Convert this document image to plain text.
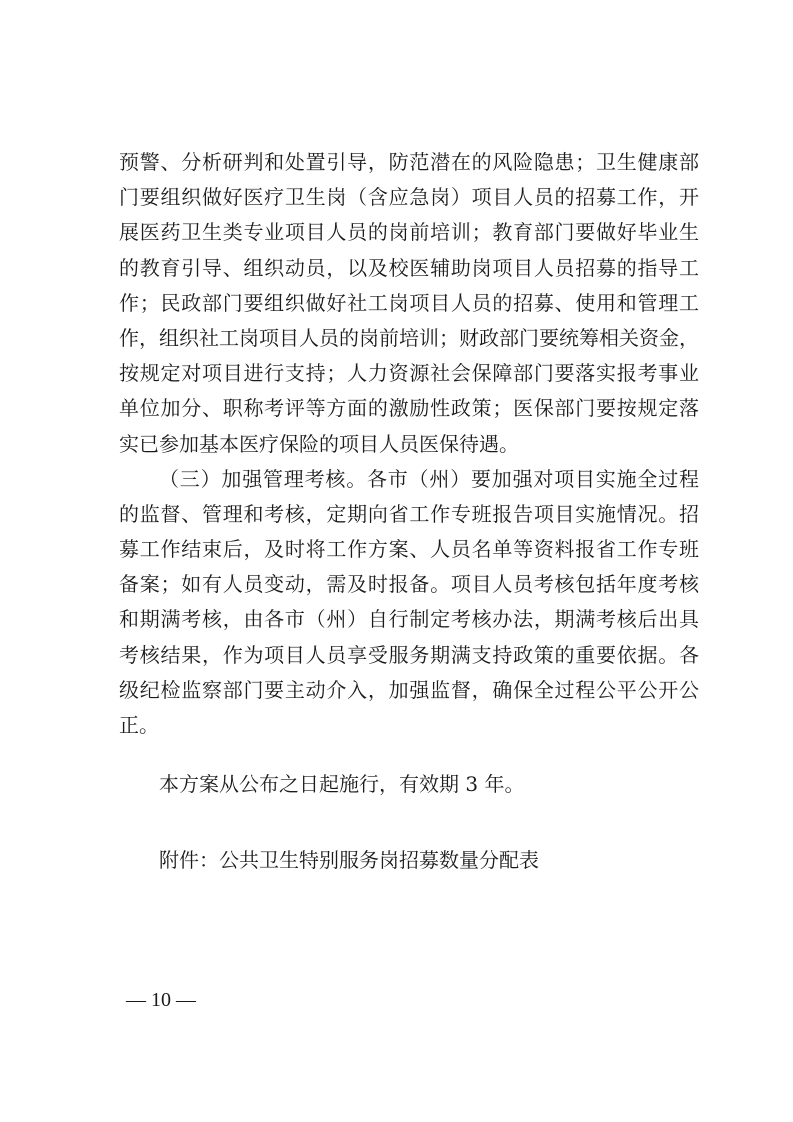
预警、分析研判和处置引导，防范潜在的风险隐患；卫生健康部
门要组织做好医疗卫生岗（含应急岗）项目人员的招募工作，开
展医药卫生类专业项目人员的岗前培训；教育部门要做好毕业生
的教育引导、组织动员，以及校医辅助岗项目人员招募的指导工
作；民政部门要组织做好社工岗项目人员的招募、使用和管理工
作，组织社工岗项目人员的岗前培训；财政部门要统筹相关资金，
按规定对项目进行支持；人力资源社会保障部门要落实报考事业
单位加分、职称考评等方面的激励性政策；医保部门要按规定落
实已参加基本医疗保险的项目人员医保待遇。
（三）加强管理考核。各市（州）要加强对项目实施全过程
的监督、管理和考核，定期向省工作专班报告项目实施情况。招
募工作结束后，及时将工作方案、人员名单等资料报省工作专班
备案；如有人员变动，需及时报备。项目人员考核包括年度考核
和期满考核，由各市（州）自行制定考核办法，期满考核后出具
考核结果，作为项目人员享受服务期满支持政策的重要依据。各
级纪检监察部门要主动介入，加强监督，确保全过程公平公开公
正。
本方案从公布之日起施行，有效期 3 年。
附件：公共卫生特别服务岗招募数量分配表
— 10 —
